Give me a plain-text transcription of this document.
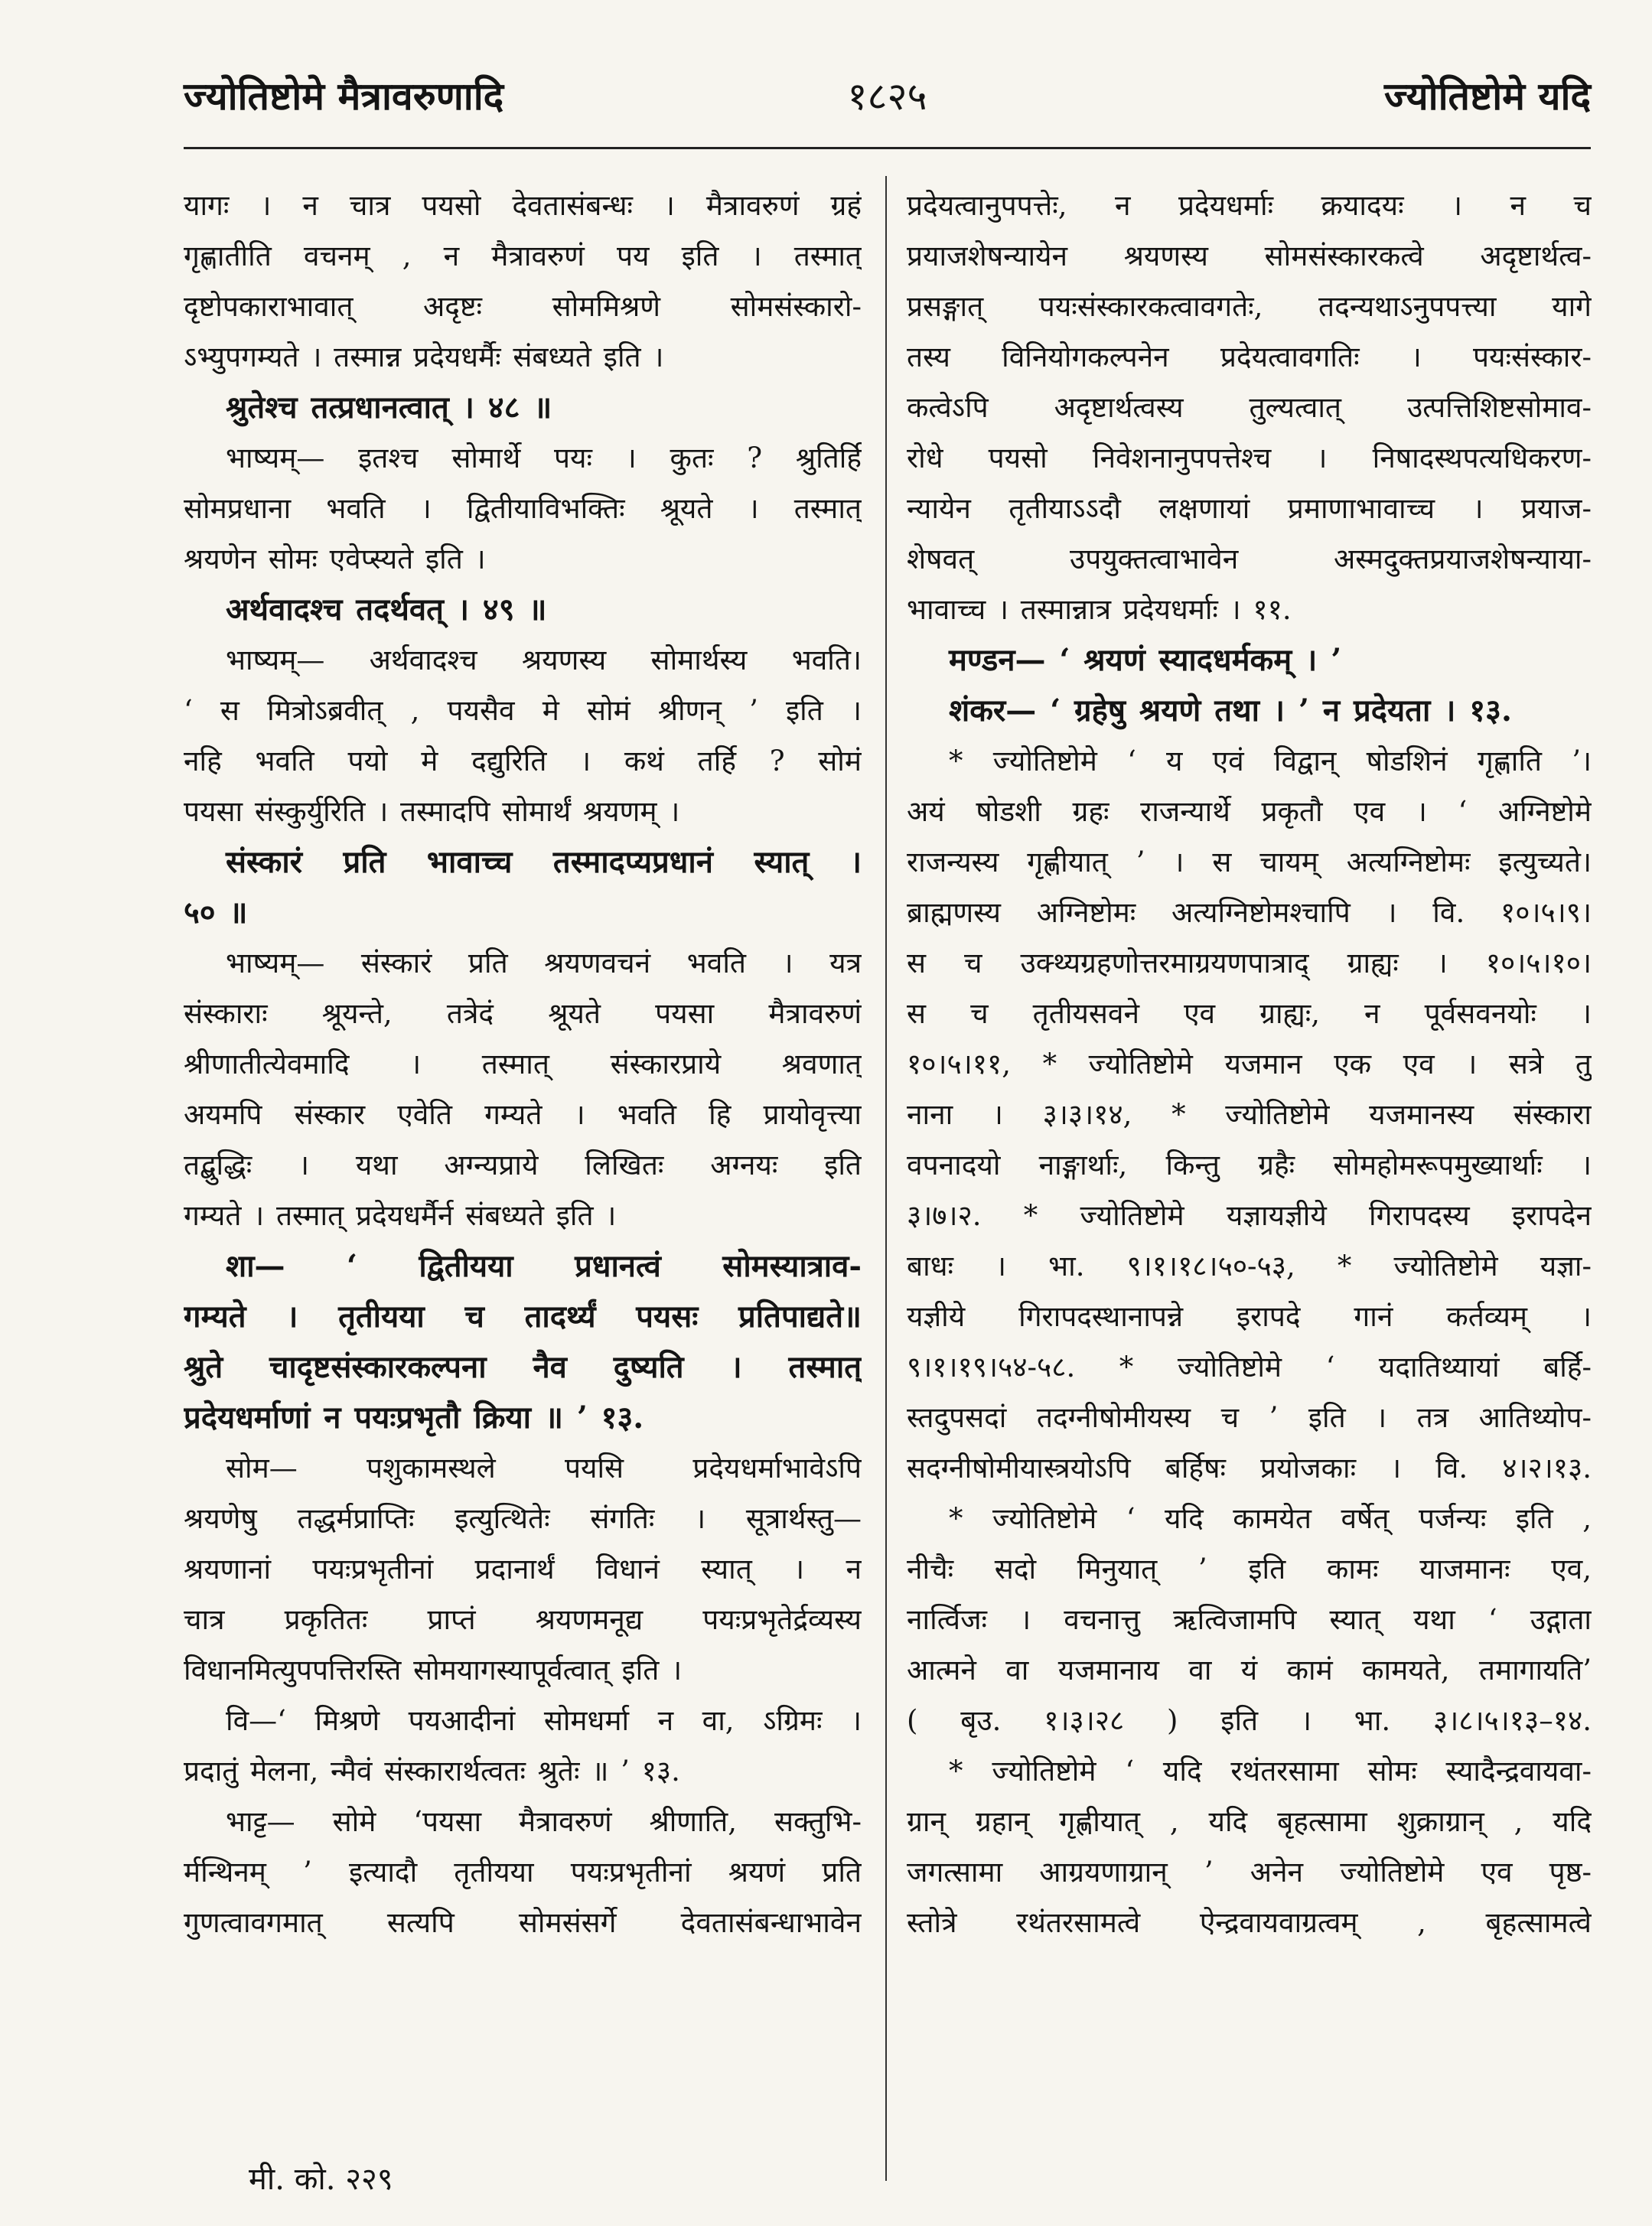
ज्योतिष्टोमे मैत्रावरुणादि	१८२५	ज्योतिष्टोमे यदि

यागः । न चात्र पयसो देवतासंबन्धः । मैत्रावरुणं ग्रहं

गृह्णातीति वचनम् , न मैत्रावरुणं पय इति । तस्मात्

दृष्टोपकाराभावात् अदृष्टः सोममिश्रणे सोमसंस्कारो-

ऽभ्युपगम्यते । तस्मान्न प्रदेयधर्मैः संबध्यते इति ।

श्रुतेश्च तत्प्रधानत्वात् । ४८ ॥

भाष्यम्— इतश्च सोमार्थे पयः । कुतः ? श्रुतिर्हि

सोमप्रधाना भवति । द्वितीयाविभक्तिः श्रूयते । तस्मात्

श्रयणेन सोमः एवेप्स्यते इति ।

अर्थवादश्च तदर्थवत् । ४९ ॥

भाष्यम्— अर्थवादश्च श्रयणस्य सोमार्थस्य भवति।

‘ स मित्रोऽब्रवीत् , पयसैव मे सोमं श्रीणन् ’ इति ।

नहि भवति पयो मे दद्युरिति । कथं तर्हि ? सोमं

पयसा संस्कुर्युरिति । तस्मादपि सोमार्थं श्रयणम् ।

संस्कारं प्रति भावाच्च तस्मादप्यप्रधानं स्यात् ।

५० ॥

भाष्यम्— संस्कारं प्रति श्रयणवचनं भवति । यत्र

संस्काराः श्रूयन्ते, तत्रेदं श्रूयते पयसा मैत्रावरुणं

श्रीणातीत्येवमादि । तस्मात् संस्कारप्राये श्रवणात्

अयमपि संस्कार एवेति गम्यते । भवति हि प्रायोवृत्त्या

तद्बुद्धिः । यथा अग्न्यप्राये लिखितः अग्नयः इति

गम्यते । तस्मात् प्रदेयधर्मैर्न संबध्यते इति ।

शा— ‘ द्वितीयया प्रधानत्वं सोमस्यात्राव-

गम्यते । तृतीयया च तादर्थ्यं पयसः प्रतिपाद्यते॥

श्रुते चादृष्टसंस्कारकल्पना नैव दुष्यति । तस्मात्

प्रदेयधर्माणां न पयःप्रभृतौ क्रिया ॥ ’ १३.

सोम— पशुकामस्थले पयसि प्रदेयधर्माभावेऽपि

श्रयणेषु तद्धर्मप्राप्तिः इत्युत्थितेः संगतिः । सूत्रार्थस्तु—

श्रयणानां पयःप्रभृतीनां प्रदानार्थं विधानं स्यात् । न

चात्र प्रकृतितः प्राप्तं श्रयणमनूद्य पयःप्रभृतेर्द्रव्यस्य

विधानमित्युपपत्तिरस्ति सोमयागस्यापूर्वत्वात् इति ।

वि—‘ मिश्रणे पयआदीनां सोमधर्मा न वा, ऽग्रिमः ।

प्रदातुं मेलना, न्मैवं संस्कारार्थत्वतः श्रुतेः ॥ ’ १३.

भाट्ट— सोमे ‘पयसा मैत्रावरुणं श्रीणाति, सक्तुभि-

र्मन्थिनम् ’ इत्यादौ तृतीयया पयःप्रभृतीनां श्रयणं प्रति

गुणत्वावगमात् सत्यपि सोमसंसर्गे देवतासंबन्धाभावेन

प्रदेयत्वानुपपत्तेः, न प्रदेयधर्माः क्रयादयः । न च

प्रयाजशेषन्यायेन श्रयणस्य सोमसंस्कारकत्वे अदृष्टार्थत्व-

प्रसङ्गात् पयःसंस्कारकत्वावगतेः, तदन्यथाऽनुपपत्त्या यागे

तस्य विनियोगकल्पनेन प्रदेयत्वावगतिः । पयःसंस्कार-

कत्वेऽपि अदृष्टार्थत्वस्य तुल्यत्वात् उत्पत्तिशिष्टसोमाव-

रोधे पयसो निवेशनानुपपत्तेश्च । निषादस्थपत्यधिकरण-

न्यायेन तृतीयाऽऽदौ लक्षणायां प्रमाणाभावाच्च । प्रयाज-

शेषवत् उपयुक्तत्वाभावेन अस्मदुक्तप्रयाजशेषन्याया-

भावाच्च । तस्मान्नात्र प्रदेयधर्माः । ११.

मण्डन— ‘ श्रयणं स्यादधर्मकम् । ’

शंकर— ‘ ग्रहेषु श्रयणे तथा । ’ न प्रदेयता । १३.

* ज्योतिष्टोमे ‘ य एवं विद्वान् षोडशिनं गृह्णाति ’।

अयं षोडशी ग्रहः राजन्यार्थे प्रकृतौ एव । ‘ अग्निष्टोमे

राजन्यस्य गृह्णीयात् ’ । स चायम् अत्यग्निष्टोमः इत्युच्यते।

ब्राह्मणस्य अग्निष्टोमः अत्यग्निष्टोमश्चापि । वि. १०।५।९।

स च उक्थ्यग्रहणोत्तरमाग्रयणपात्राद् ग्राह्यः । १०।५।१०।

स च तृतीयसवने एव ग्राह्यः, न पूर्वसवनयोः ।

१०।५।११, * ज्योतिष्टोमे यजमान एक एव । सत्रे तु

नाना । ३।३।१४, * ज्योतिष्टोमे यजमानस्य संस्कारा

वपनादयो नाङ्गार्थाः, किन्तु ग्रहैः सोमहोमरूपमुख्यार्थाः ।

३।७।२. * ज्योतिष्टोमे यज्ञायज्ञीये गिरापदस्य इरापदेन

बाधः । भा. ९।१।१८।५०-५३, * ज्योतिष्टोमे यज्ञा-

यज्ञीये गिरापदस्थानापन्ने इरापदे गानं कर्तव्यम् ।

९।१।१९।५४-५८. * ज्योतिष्टोमे ‘ यदातिथ्यायां बर्हि-

स्तदुपसदां तदग्नीषोमीयस्य च ’ इति । तत्र आतिथ्योप-

सदग्नीषोमीयास्त्रयोऽपि बर्हिषः प्रयोजकाः । वि. ४।२।१३.

* ज्योतिष्टोमे ‘ यदि कामयेत वर्षेत् पर्जन्यः इति ,

नीचैः सदो मिनुयात् ’ इति कामः याजमानः एव,

नार्त्विजः । वचनात्तु ऋत्विजामपि स्यात् यथा ‘ उद्गाता

आत्मने वा यजमानाय वा यं कामं कामयते, तमागायति’

( बृउ. १।३।२८ ) इति । भा. ३।८।५।१३–१४.

* ज्योतिष्टोमे ‘ यदि रथंतरसामा सोमः स्यादैन्द्रवायवा-

ग्रान् ग्रहान् गृह्णीयात् , यदि बृहत्सामा शुक्राग्रान् , यदि

जगत्सामा आग्रयणाग्रान् ’ अनेन ज्योतिष्टोमे एव पृष्ठ-

स्तोत्रे रथंतरसामत्वे ऐन्द्रवायवाग्रत्वम् , बृहत्सामत्वे

मी. को. २२९
